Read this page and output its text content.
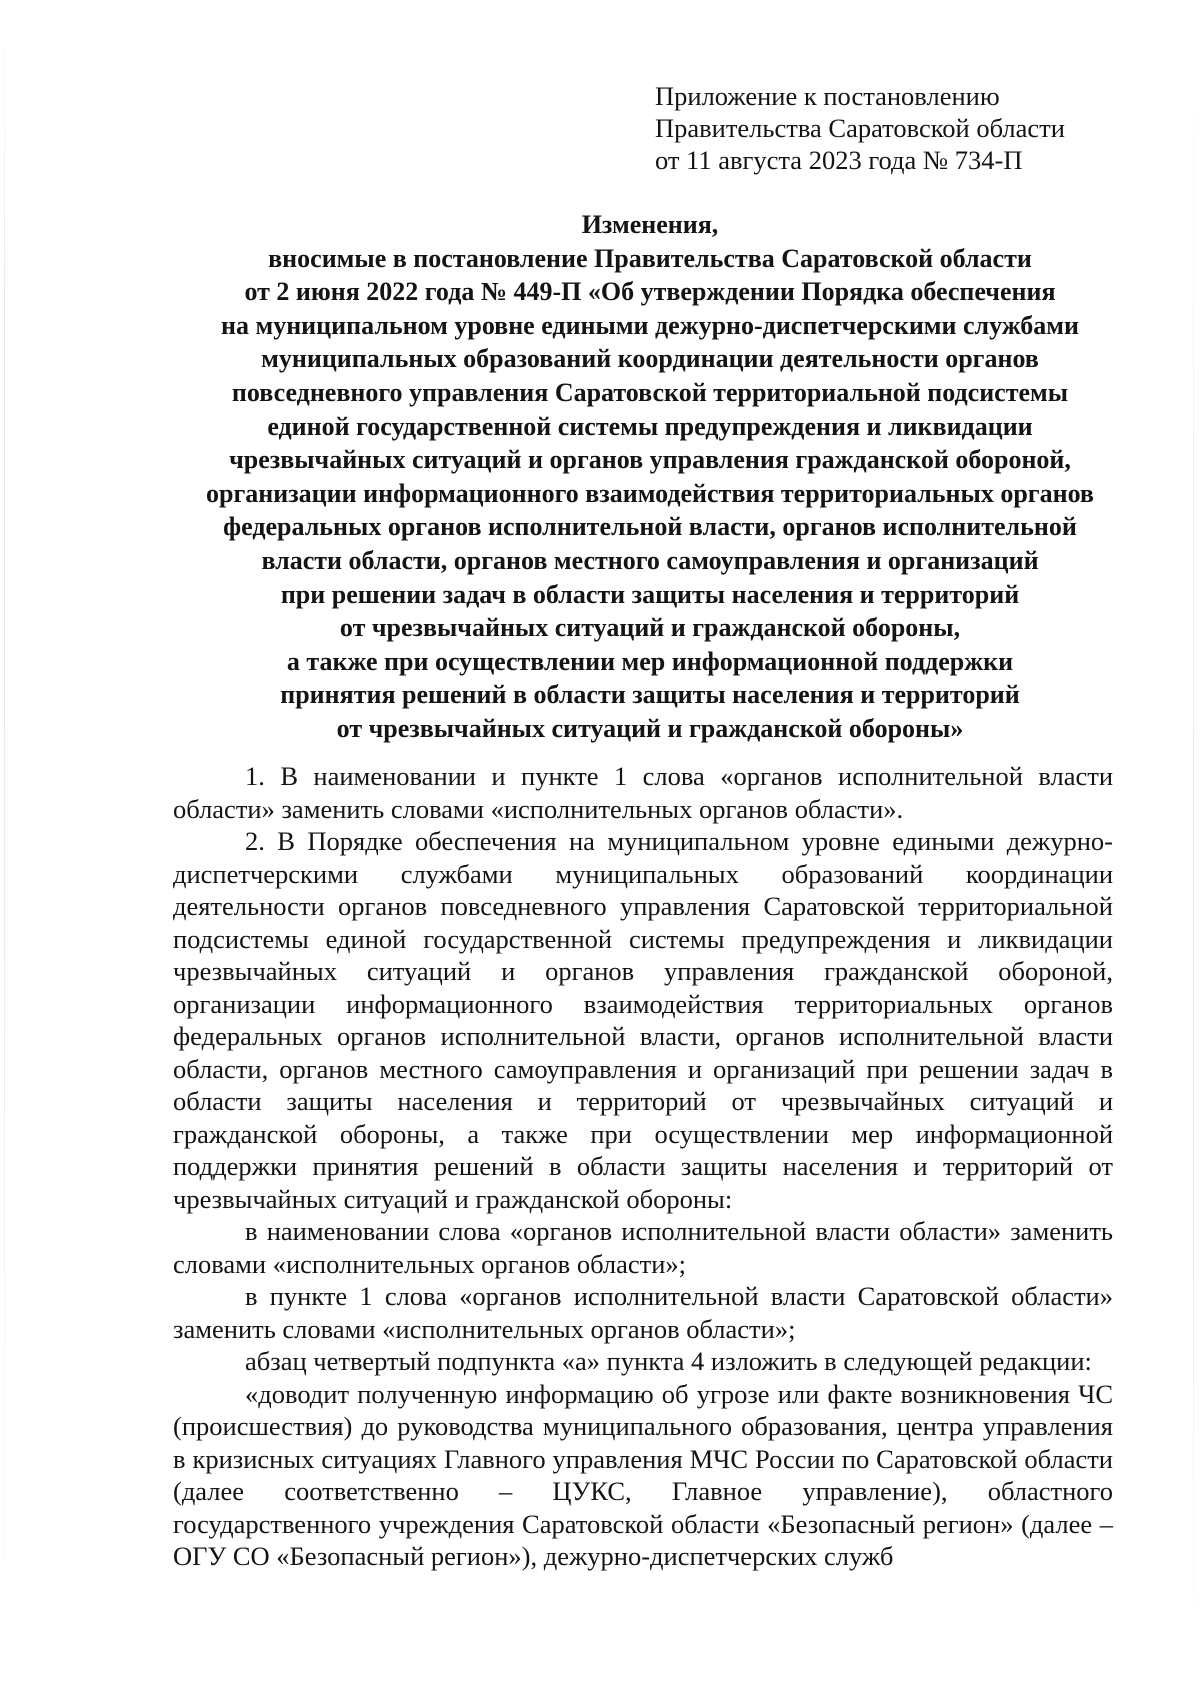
Приложение к постановлению
Правительства Саратовской области
от 11 августа 2023 года № 734-П
Изменения,
вносимые в постановление Правительства Саратовской области
от 2 июня 2022 года № 449-П «Об утверждении Порядка обеспечения
на муниципальном уровне едиными дежурно-диспетчерскими службами
муниципальных образований координации деятельности органов
повседневного управления Саратовской территориальной подсистемы
единой государственной системы предупреждения и ликвидации
чрезвычайных ситуаций и органов управления гражданской обороной,
организации информационного взаимодействия территориальных органов
федеральных органов исполнительной власти, органов исполнительной
власти области, органов местного самоуправления и организаций
при решении задач в области защиты населения и территорий
от чрезвычайных ситуаций и гражданской обороны,
а также при осуществлении мер информационной поддержки
принятия решений в области защиты населения и территорий
от чрезвычайных ситуаций и гражданской обороны»

1. В наименовании и пункте 1 слова «органов исполнительной власти области» заменить словами «исполнительных органов области».

2. В Порядке обеспечения на муниципальном уровне едиными дежурно-диспетчерскими службами муниципальных образований координации деятельности органов повседневного управления Саратовской территориальной подсистемы единой государственной системы предупреждения и ликвидации чрезвычайных ситуаций и органов управления гражданской обороной, организации информационного взаимодействия территориальных органов федеральных органов исполнительной власти, органов исполнительной власти области, органов местного самоуправления и организаций при решении задач в области защиты населения и территорий от чрезвычайных ситуаций и гражданской обороны, а также при осуществлении мер информационной поддержки принятия решений в области защиты населения и территорий от чрезвычайных ситуаций и гражданской обороны:

в наименовании слова «органов исполнительной власти области» заменить словами «исполнительных органов области»;

в пункте 1 слова «органов исполнительной власти Саратовской области» заменить словами «исполнительных органов области»;

абзац четвертый подпункта «а» пункта 4 изложить в следующей редакции:

«доводит полученную информацию об угрозе или факте возникновения ЧС (происшествия) до руководства муниципального образования, центра управления в кризисных ситуациях Главного управления МЧС России по Саратовской области (далее соответственно – ЦУКС, Главное управление), областного государственного учреждения Саратовской области «Безопасный регион» (далее – ОГУ СО «Безопасный регион»), дежурно-диспетчерских служб
